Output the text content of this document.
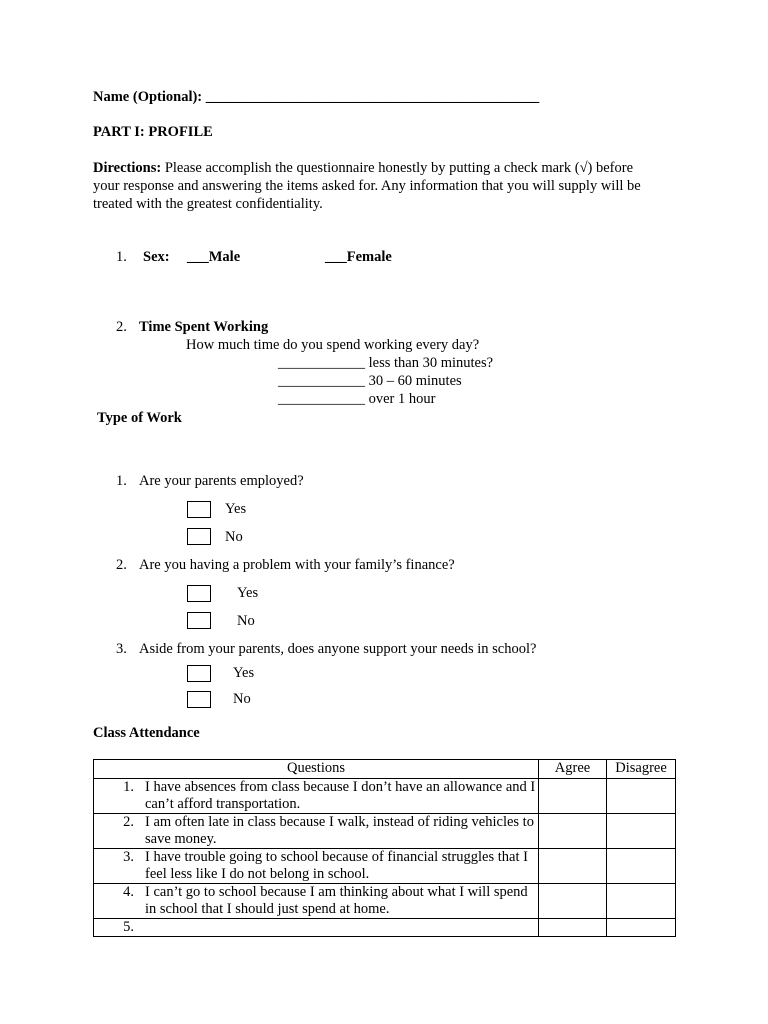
Name (Optional): ______________________________________________
PART I: PROFILE
Directions: Please accomplish the questionnaire honestly by putting a check mark (√) before
your response and answering the items asked for. Any information that you will supply will be
treated with the greatest confidentiality.
1. Sex: ___Male	___Female
2. Time Spent Working
How much time do you spend working every day?
____________ less than 30 minutes?
____________ 30 – 60 minutes
____________ over 1 hour
Type of Work
1. Are your parents employed?
Yes
No
2. Are you having a problem with your family’s finance?
Yes
No
3. Aside from your parents, does anyone support your needs in school?
Yes
No
Class Attendance
Questions	Agree	Disagree

1. I have absences from class because I don’t have an allowance and I can’t afford transportation.		

2. I am often late in class because I walk, instead of riding vehicles to save money.		

3. I have trouble going to school because of financial struggles that I feel less like I do not belong in school.		

4. I can’t go to school because I am thinking about what I will spend in school that I should just spend at home.		

5.		
